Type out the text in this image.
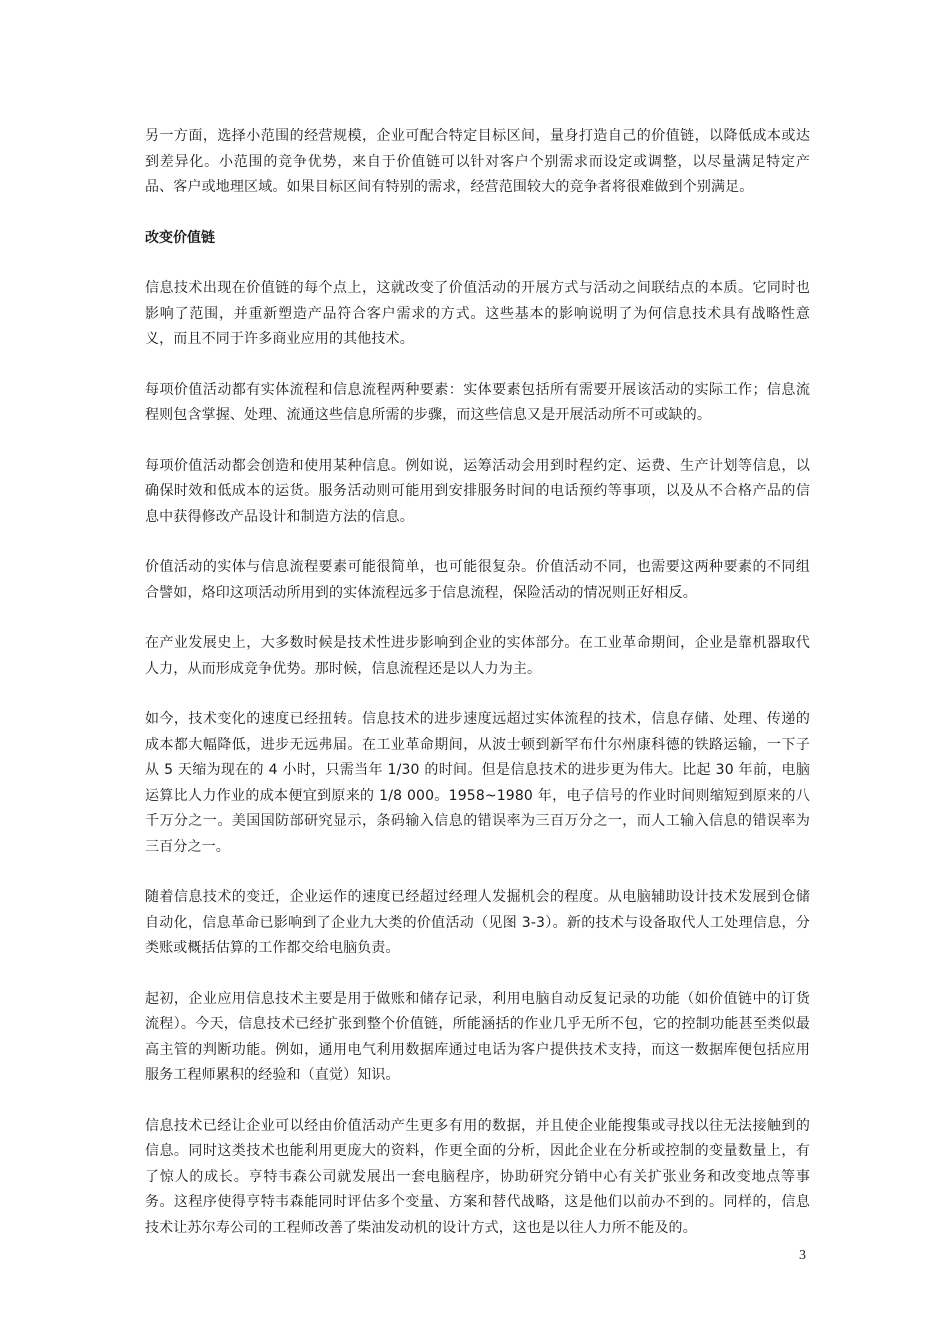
另一方面，选择小范围的经营规模，企业可配合特定目标区间，量身打造自己的价值链，以降低成本或达到差异化。小范围的竞争优势，来自于价值链可以针对客户个别需求而设定或调整，以尽量满足特定产品、客户或地理区域。如果目标区间有特别的需求，经营范围较大的竞争者将很难做到个别满足。

改变价值链

信息技术出现在价值链的每个点上，这就改变了价值活动的开展方式与活动之间联结点的本质。它同时也影响了范围，并重新塑造产品符合客户需求的方式。这些基本的影响说明了为何信息技术具有战略性意义，而且不同于许多商业应用的其他技术。

每项价值活动都有实体流程和信息流程两种要素：实体要素包括所有需要开展该活动的实际工作；信息流程则包含掌握、处理、流通这些信息所需的步骤，而这些信息又是开展活动所不可或缺的。

每项价值活动都会创造和使用某种信息。例如说，运筹活动会用到时程约定、运费、生产计划等信息，以确保时效和低成本的运货。服务活动则可能用到安排服务时间的电话预约等事项，以及从不合格产品的信息中获得修改产品设计和制造方法的信息。

价值活动的实体与信息流程要素可能很简单，也可能很复杂。价值活动不同，也需要这两种要素的不同组合譬如，烙印这项活动所用到的实体流程远多于信息流程，保险活动的情况则正好相反。

在产业发展史上，大多数时候是技术性进步影响到企业的实体部分。在工业革命期间，企业是靠机器取代人力，从而形成竞争优势。那时候，信息流程还是以人力为主。

如今，技术变化的速度已经扭转。信息技术的进步速度远超过实体流程的技术，信息存储、处理、传递的成本都大幅降低，进步无远弗届。在工业革命期间，从波士顿到新罕布什尔州康科德的铁路运输，一下子从 5 天缩为现在的 4 小时，只需当年 1/30 的时间。但是信息技术的进步更为伟大。比起 30 年前，电脑运算比人力作业的成本便宜到原来的 1/8 000。1958~1980 年，电子信号的作业时间则缩短到原来的八千万分之一。美国国防部研究显示，条码输入信息的错误率为三百万分之一，而人工输入信息的错误率为三百分之一。

随着信息技术的变迁，企业运作的速度已经超过经理人发掘机会的程度。从电脑辅助设计技术发展到仓储自动化，信息革命已影响到了企业九大类的价值活动（见图 3-3）。新的技术与设备取代人工处理信息，分类账或概括估算的工作都交给电脑负责。

起初，企业应用信息技术主要是用于做账和储存记录，利用电脑自动反复记录的功能（如价值链中的订货流程）。今天，信息技术已经扩张到整个价值链，所能涵括的作业几乎无所不包，它的控制功能甚至类似最高主管的判断功能。例如，通用电气利用数据库通过电话为客户提供技术支持，而这一数据库便包括应用服务工程师累积的经验和（直觉）知识。

信息技术已经让企业可以经由价值活动产生更多有用的数据，并且使企业能搜集或寻找以往无法接触到的信息。同时这类技术也能利用更庞大的资料，作更全面的分析，因此企业在分析或控制的变量数量上，有了惊人的成长。亨特韦森公司就发展出一套电脑程序，协助研究分销中心有关扩张业务和改变地点等事务。这程序使得亨特韦森能同时评估多个变量、方案和替代战略，这是他们以前办不到的。同样的，信息技术让苏尔寿公司的工程师改善了柴油发动机的设计方式，这也是以往人力所不能及的。

3
